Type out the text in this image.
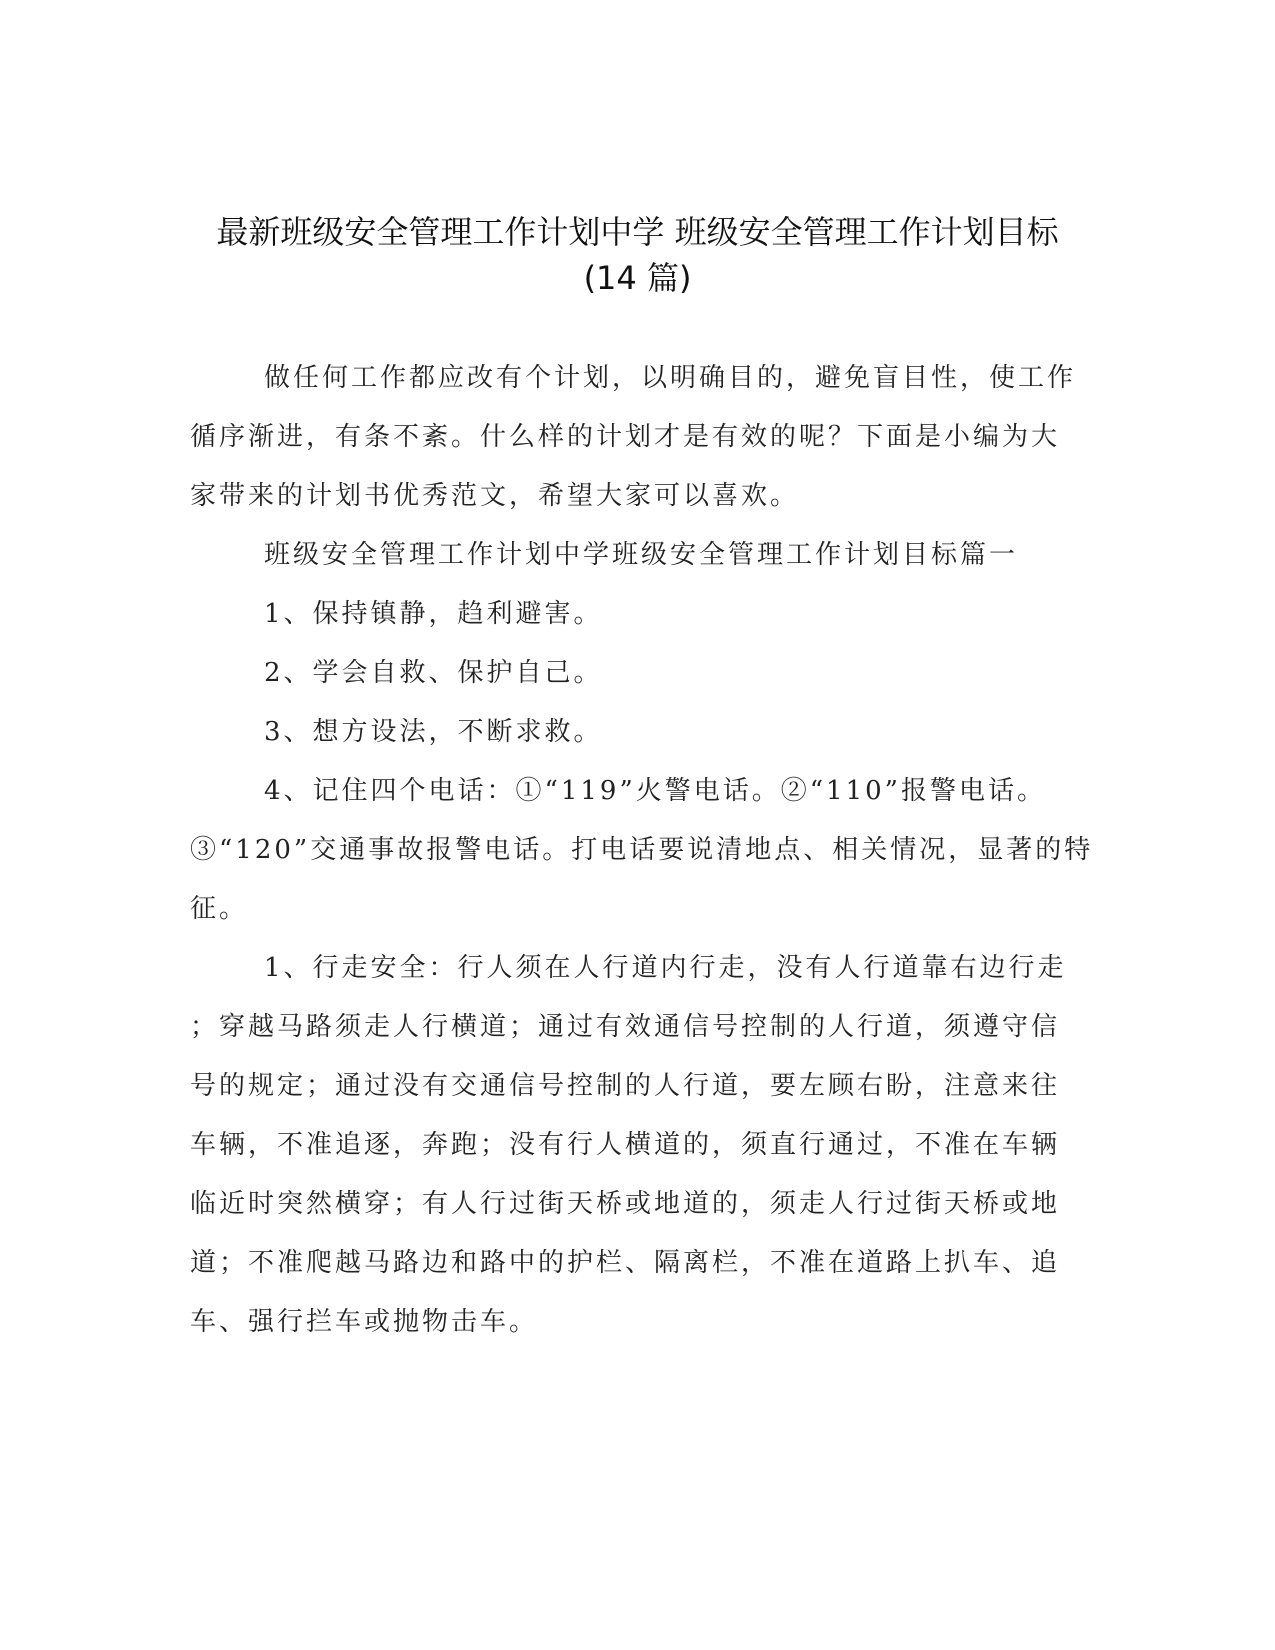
最新班级安全管理工作计划中学 班级安全管理工作计划目标
(14 篇)

做任何工作都应改有个计划，以明确目的，避免盲目性，使工作

循序渐进，有条不紊。什么样的计划才是有效的呢？下面是小编为大

家带来的计划书优秀范文，希望大家可以喜欢。

班级安全管理工作计划中学班级安全管理工作计划目标篇一

1、保持镇静，趋利避害。

2、学会自救、保护自己。

3、想方设法，不断求救。

4、记住四个电话：①“119”火警电话。②“110”报警电话。

③“120”交通事故报警电话。打电话要说清地点、相关情况，显著的特

征。

1、行走安全：行人须在人行道内行走，没有人行道靠右边行走

；穿越马路须走人行横道；通过有效通信号控制的人行道，须遵守信

号的规定；通过没有交通信号控制的人行道，要左顾右盼，注意来往

车辆，不准追逐，奔跑；没有行人横道的，须直行通过，不准在车辆

临近时突然横穿；有人行过街天桥或地道的，须走人行过街天桥或地

道；不准爬越马路边和路中的护栏、隔离栏，不准在道路上扒车、追

车、强行拦车或抛物击车。
